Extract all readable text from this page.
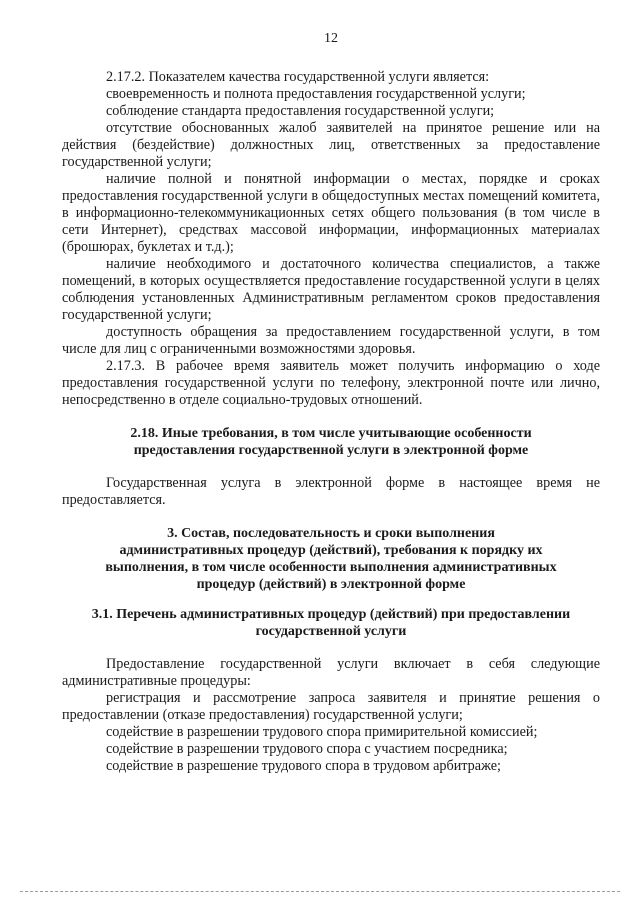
12

2.17.2. Показателем качества государственной услуги является:

своевременность и полнота предоставления государственной услуги;

соблюдение стандарта предоставления государственной услуги;

отсутствие обоснованных жалоб заявителей на принятое решение или на действия (бездействие) должностных лиц, ответственных за предоставление государственной услуги;

наличие полной и понятной информации о местах, порядке и сроках предоставления государственной услуги в общедоступных местах помещений комитета, в информационно-телекоммуникационных сетях общего пользования (в том числе в сети Интернет), средствах массовой информации, информационных материалах (брошюрах, буклетах и т.д.);

наличие необходимого и достаточного количества специалистов, а также помещений, в которых осуществляется предоставление государственной услуги в целях соблюдения установленных Административным регламентом сроков предоставления государственной услуги;

доступность обращения за предоставлением государственной услуги, в том числе для лиц с ограниченными возможностями здоровья.

2.17.3. В рабочее время заявитель может получить информацию о ходе предоставления государственной услуги по телефону, электронной почте или лично, непосредственно в отделе социально-трудовых отношений.

2.18. Иные требования, в том числе учитывающие особенности
предоставления государственной услуги в электронной форме

Государственная услуга в электронной форме в настоящее время не предоставляется.

3. Состав, последовательность и сроки выполнения
административных процедур (действий), требования к порядку их
выполнения, в том числе особенности выполнения административных
процедур (действий) в электронной форме
3.1. Перечень административных процедур (действий) при предоставлении
государственной услуги

Предоставление государственной услуги включает в себя следующие административные процедуры:

регистрация и рассмотрение запроса заявителя и принятие решения о предоставлении (отказе предоставления) государственной услуги;

содействие в разрешении трудового спора примирительной комиссией;

содействие в разрешении трудового спора с участием посредника;

содействие в разрешение трудового спора в трудовом арбитраже;
